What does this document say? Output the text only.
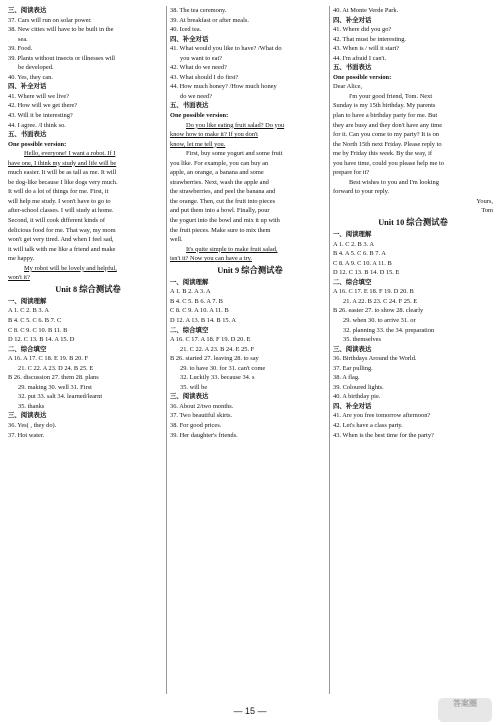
三、阅读表达
37. Cars will run on solar power.
38. New cities will have to be built in the
sea.
39. Food.
39. Plants without insects or illnesses will
be developed.
40. Yes, they can.
四、补全对话
41. Where will we live?
42. How will we get there?
43. Will it be interesting?
44. I agree. /I think so.
五、书面表达
One possible version:
Hello, everyone! I want a robot. If I
have one, I think my study and life will be
much easier. It will be as tall as me. It will
be dog-like because I like dogs very much.
It will do a lot of things for me. First, it
will help me study. I won't have to go to
after-school classes. I will study at home.
Second, it will cook different kinds of
delicious food for me. That way, my mom
won't get very tired. And when I feel sad,
it will talk with me like a friend and make
me happy.
My robot will be lovely and helpful,
won't it?
Unit 8 综合测试卷
一、阅读理解
A 1. C 2. B 3. A
B 4. C 5. C 6. B 7. C
C 8. C 9. C 10. B 11. B
D 12. C 13. B 14. A 15. D
二、综合填空
A 16. A 17. C 18. E 19. B 20. F
21. C 22. A 23. D 24. B 25. E
B 26. discussion 27. them 28. plans
29. making 30. well 31. First
32. put 33. salt 34. learned/learnt
35. thanks
三、阅读表达
36. Yes( , they do).
37. Hot water.
38. The tea ceremony.
39. At breakfast or after meals.
40. Iced tea.
四、补全对话
41. What would you like to have? /What do
you want to eat?
42. What do we need?
43. What should I do first?
44. How much honey? /How much honey
do we need?
五、书面表达
One possible version:
Do you like eating fruit salad? Do you
know how to make it? If you don't
know, let me tell you.
First, buy some yogurt and some fruit
you like. For example, you can buy an
apple, an orange, a banana and some
strawberries. Next, wash the apple and
the strawberries, and peel the banana and
the orange. Then, cut the fruit into pieces
and put them into a bowl. Finally, pour
the yogurt into the bowl and mix it up with
the fruit pieces. Make sure to mix them
well.
It's quite simple to make fruit salad,
isn't it? Now you can have a try.
Unit 9 综合测试卷
一、阅读理解
A 1. B 2. A 3. A
B 4. C 5. B 6. A 7. B
C 8. C 9. A 10. A 11. B
D 12. A 13. B 14. B 15. A
二、综合填空
A 16. C 17. A 18. F 19. D 20. E
21. C 22. A 23. B 24. E 25. F
B 26. started 27. leaving 28. to say
29. to have 30. for 31. can't come
32. Luckily 33. because 34. s
35. will be
三、阅读表达
36. About 2/two months.
37. Two beautiful skirts.
38. For good prices.
39. Her daughter's friends.
40. At Monte Verde Park.
四、补全对话
41. Where did you go?
42. That must be interesting.
43. When is / will it start?
44. I'm afraid I can't.
五、书面表达
One possible version:
Dear Alice,
I'm your good friend, Tom. Next
Sunday is my 15th birthday. My parents
plan to have a birthday party for me. But
they are busy and they don't have any time
for it. Can you come to my party? It is on
the North 15th next Friday. Please reply to
me by Friday this week. By the way, if
you have time, could you please help me to
prepare for it?
Best wishes to you and I'm looking
forward to your reply.
Yours,
Tom
Unit 10 综合测试卷
一、阅读理解
A 1. C 2. B 3. A
B 4. A 5. C 6. B 7. A
C 8. A 9. C 10. A 11. B
D 12. C 13. B 14. D 15. E
二、综合填空
A 16. C 17. E 18. F 19. D 20. B
21. A 22. B 23. C 24. F 25. E
B 26. easier 27. to show 28. clearly
29. when 30. to arrive 31. or
32. planning 33. the 34. preparation
35. themselves
三、阅读表达
36. Birthdays Around the World.
37. Ear pulling.
38. A flag.
39. Coloured lights.
40. A birthday pie.
四、补全对话
41. Are you free tomorrow afternoon?
42. Let's have a class party.
43. When is the best time for the party?
— 15 —
答案圈
